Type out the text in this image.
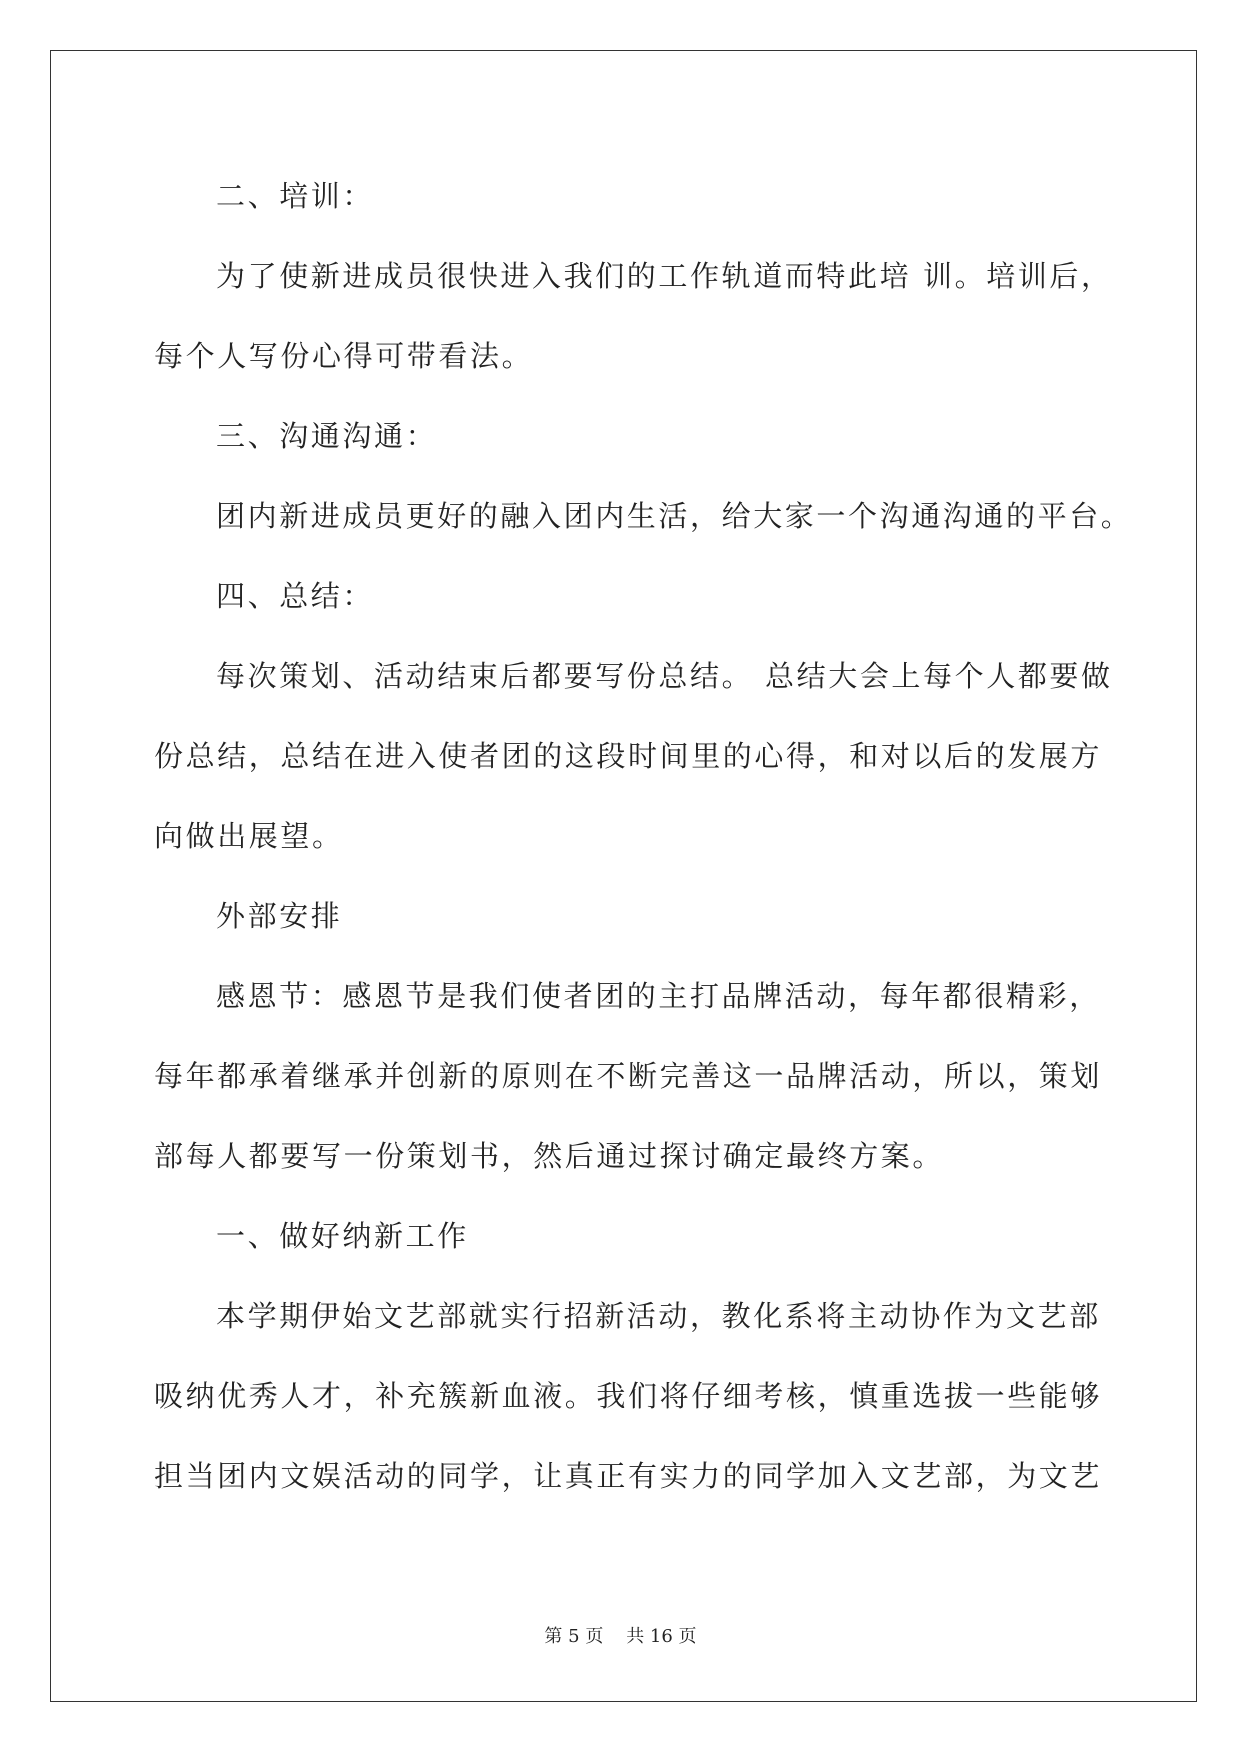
二、培训：
为了使新进成员很快进入我们的工作轨道而特此培 训。培训后，
每个人写份心得可带看法。
三、沟通沟通：
团内新进成员更好的融入团内生活，给大家一个沟通沟通的平台。
四、总结：
每次策划、活动结束后都要写份总结。 总结大会上每个人都要做
份总结，总结在进入使者团的这段时间里的心得，和对以后的发展方
向做出展望。
外部安排
感恩节：感恩节是我们使者团的主打品牌活动，每年都很精彩，
每年都承着继承并创新的原则在不断完善这一品牌活动，所以，策划
部每人都要写一份策划书，然后通过探讨确定最终方案。
一、做好纳新工作
本学期伊始文艺部就实行招新活动，教化系将主动协作为文艺部
吸纳优秀人才，补充簇新血液。我们将仔细考核，慎重选拔一些能够
担当团内文娱活动的同学，让真正有实力的同学加入文艺部，为文艺
第 5 页    共 16 页
